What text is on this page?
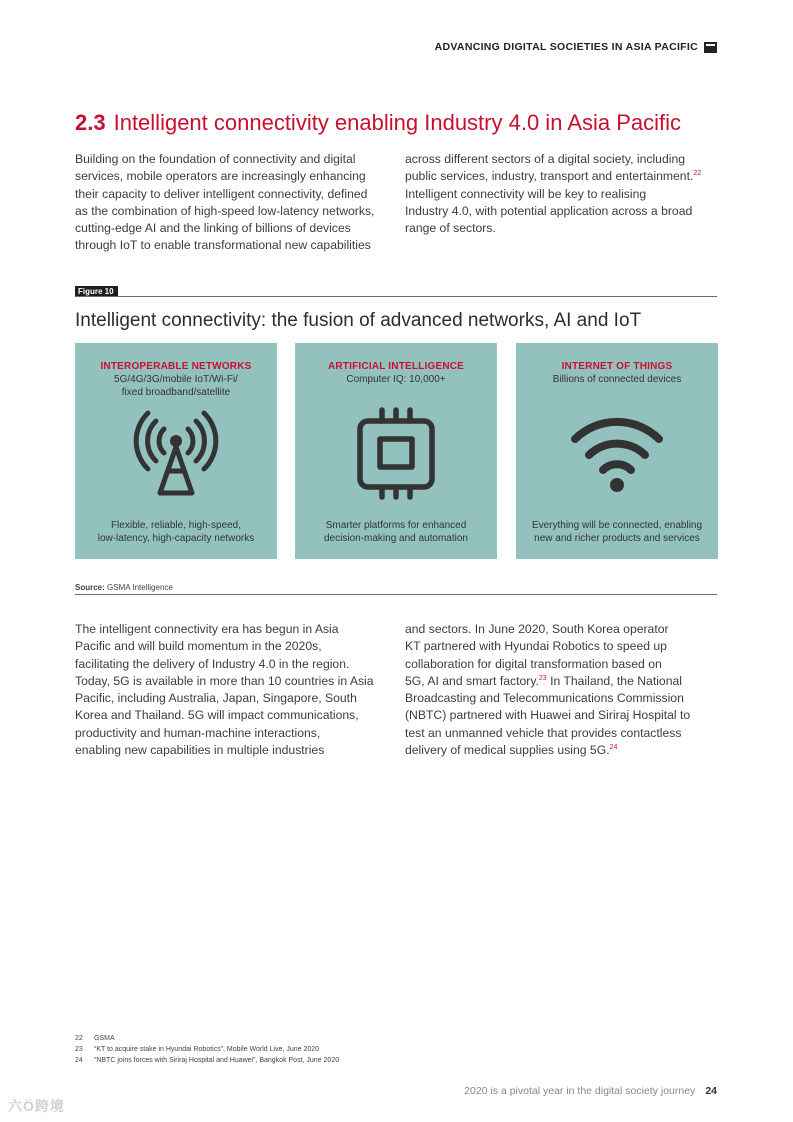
ADVANCING DIGITAL SOCIETIES IN ASIA PACIFIC
2.3 Intelligent connectivity enabling Industry 4.0 in Asia Pacific
Building on the foundation of connectivity and digital
services, mobile operators are increasingly enhancing
their capacity to deliver intelligent connectivity, defined
as the combination of high-speed low-latency networks,
cutting-edge AI and the linking of billions of devices
through IoT to enable transformational new capabilities
across different sectors of a digital society, including
public services, industry, transport and entertainment.$^{22}$
Intelligent connectivity will be key to realising
Industry 4.0, with potential application across a broad
range of sectors.
Figure 10
Intelligent connectivity: the fusion of advanced networks, AI and IoT
INTEROPERABLE NETWORKS
5G/4G/3G/mobile IoT/Wi-Fi/
fixed broadband/satellite
Flexible, reliable, high-speed,
low-latency, high-capacity networks
ARTIFICIAL INTELLIGENCE
Computer IQ: 10,000+
Smarter platforms for enhanced
decision-making and automation
INTERNET OF THINGS
Billions of connected devices
Everything will be connected, enabling
new and richer products and services
Source: GSMA Intelligence
The intelligent connectivity era has begun in Asia
Pacific and will build momentum in the 2020s,
facilitating the delivery of Industry 4.0 in the region.
Today, 5G is available in more than 10 countries in Asia
Pacific, including Australia, Japan, Singapore, South
Korea and Thailand. 5G will impact communications,
productivity and human-machine interactions,
enabling new capabilities in multiple industries
and sectors. In June 2020, South Korea operator
KT partnered with Hyundai Robotics to speed up
collaboration for digital transformation based on
5G, AI and smart factory.$^{23}$ In Thailand, the National
Broadcasting and Telecommunications Commission
(NBTC) partnered with Huawei and Siriraj Hospital to
test an unmanned vehicle that provides contactless
delivery of medical supplies using 5G.$^{24}$
22 GSMA
23 “KT to acquire stake in Hyundai Robotics”, Mobile World Live, June 2020
24 “NBTC joins forces with Siriraj Hospital and Huawei”, Bangkok Post, June 2020
2020 is a pivotal year in the digital society journey 24
六Ö跨境
